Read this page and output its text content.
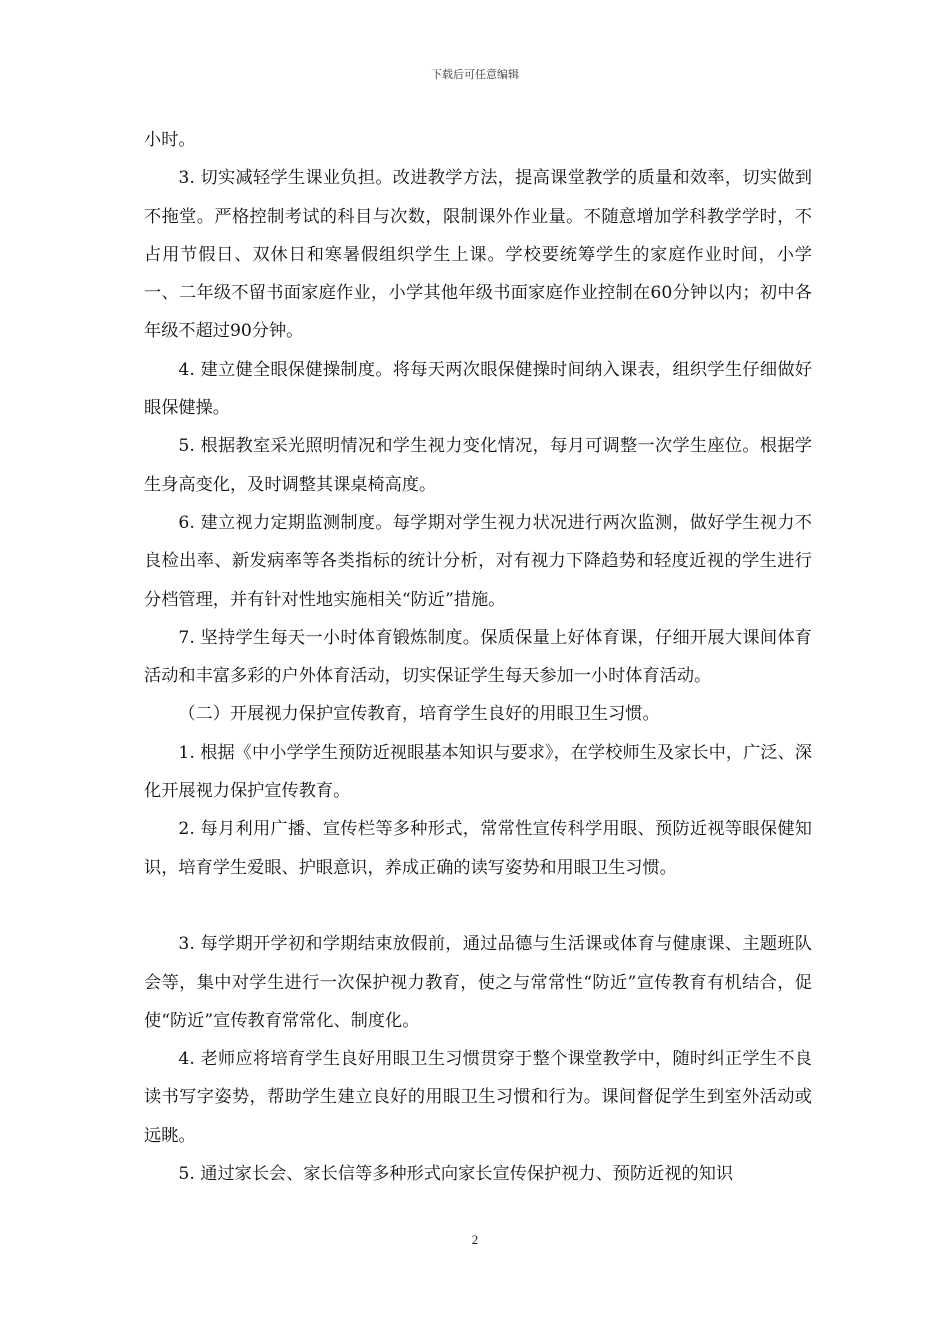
下载后可任意编辑

小时。

3. 切实减轻学生课业负担。改进教学方法，提高课堂教学的质量和效率，切实做到不拖堂。严格控制考试的科目与次数，限制课外作业量。不随意增加学科教学学时，不占用节假日、双休日和寒暑假组织学生上课。学校要统筹学生的家庭作业时间，小学一、二年级不留书面家庭作业，小学其他年级书面家庭作业控制在60分钟以内；初中各年级不超过90分钟。

4. 建立健全眼保健操制度。将每天两次眼保健操时间纳入课表，组织学生仔细做好眼保健操。

5. 根据教室采光照明情况和学生视力变化情况，每月可调整一次学生座位。根据学生身高变化，及时调整其课桌椅高度。

6. 建立视力定期监测制度。每学期对学生视力状况进行两次监测，做好学生视力不良检出率、新发病率等各类指标的统计分析，对有视力下降趋势和轻度近视的学生进行分档管理，并有针对性地实施相关“防近”措施。

7. 坚持学生每天一小时体育锻炼制度。保质保量上好体育课，仔细开展大课间体育活动和丰富多彩的户外体育活动，切实保证学生每天参加一小时体育活动。

（二）开展视力保护宣传教育，培育学生良好的用眼卫生习惯。

1. 根据《中小学学生预防近视眼基本知识与要求》，在学校师生及家长中，广泛、深化开展视力保护宣传教育。

2. 每月利用广播、宣传栏等多种形式，常常性宣传科学用眼、预防近视等眼保健知识，培育学生爱眼、护眼意识，养成正确的读写姿势和用眼卫生习惯。

3. 每学期开学初和学期结束放假前，通过品德与生活课或体育与健康课、主题班队会等，集中对学生进行一次保护视力教育，使之与常常性“防近”宣传教育有机结合，促使“防近”宣传教育常常化、制度化。

4. 老师应将培育学生良好用眼卫生习惯贯穿于整个课堂教学中，随时纠正学生不良读书写字姿势，帮助学生建立良好的用眼卫生习惯和行为。课间督促学生到室外活动或远眺。

5. 通过家长会、家长信等多种形式向家长宣传保护视力、预防近视的知识

2
